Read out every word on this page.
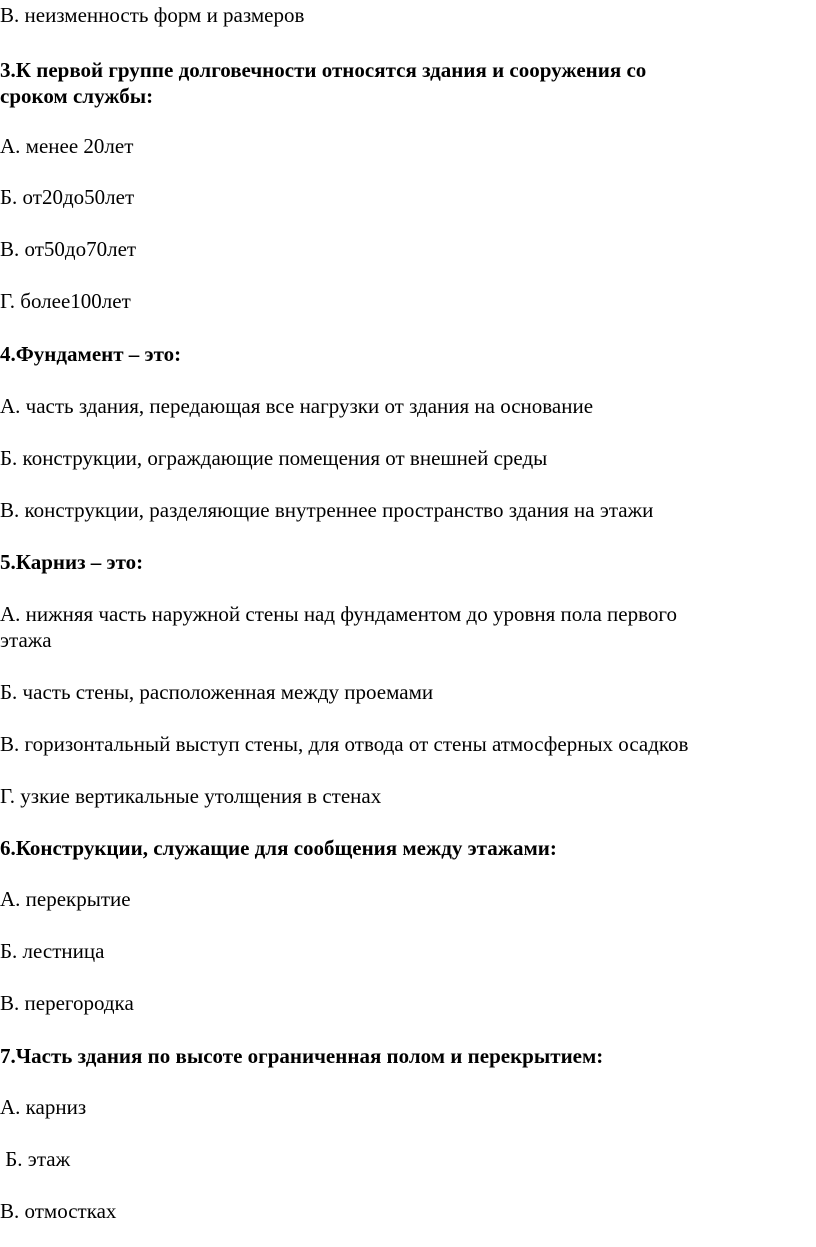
В. неизменность форм и размеров

3.К первой группе долговечности относятся здания и сооружения со

сроком службы:

А. менее 20лет

Б. от20до50лет

В. от50до70лет

Г. более100лет

4.Фундамент – это:

А. часть здания, передающая все нагрузки от здания на основание

Б. конструкции, ограждающие помещения от внешней среды

В. конструкции, разделяющие внутреннее пространство здания на этажи

5.Карниз – это:

А. нижняя часть наружной стены над фундаментом до уровня пола первого

этажа

Б. часть стены, расположенная между проемами

В. горизонтальный выступ стены, для отвода от стены атмосферных осадков

Г. узкие вертикальные утолщения в стенах

6.Конструкции, служащие для сообщения между этажами:

А. перекрытие

Б. лестница

В. перегородка

7.Часть здания по высоте ограниченная полом и перекрытием:

А. карниз

Б. этаж

В. отмостках
